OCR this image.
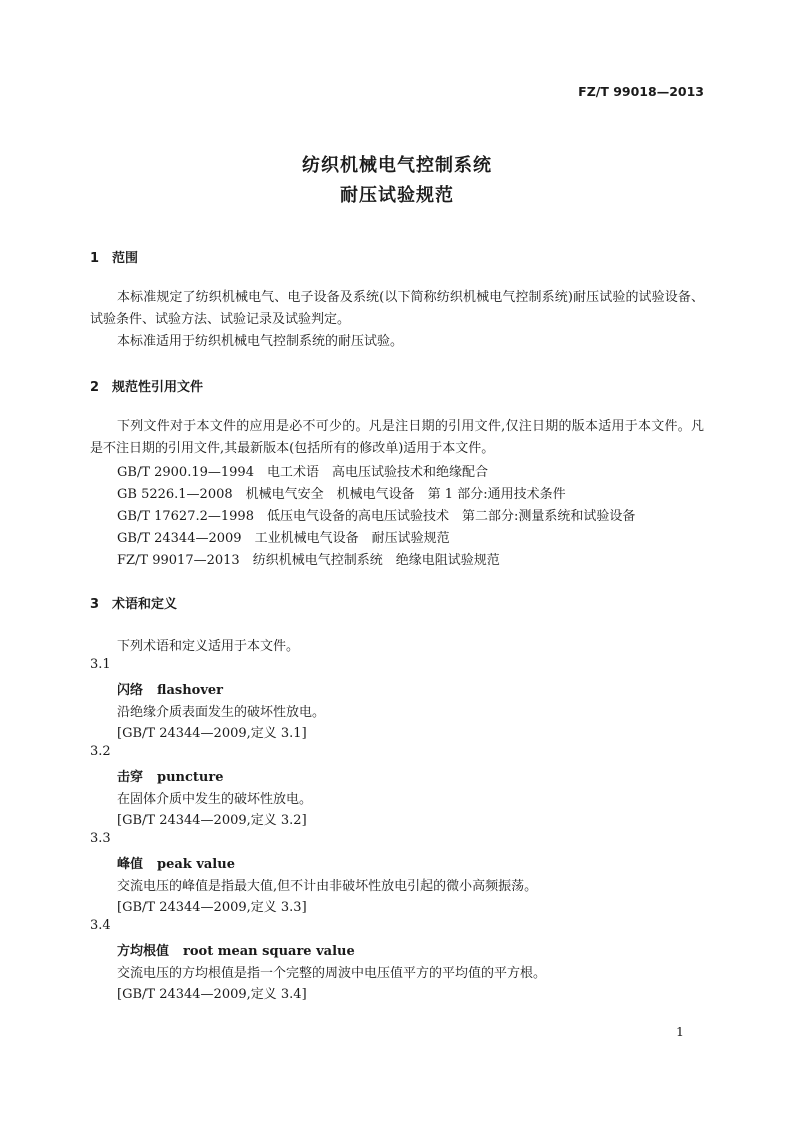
FZ/T 99018—2013
纺织机械电气控制系统
耐压试验规范
1 范围
本标准规定了纺织机械电气、电子设备及系统(以下简称纺织机械电气控制系统)耐压试验的试验设备、试验条件、试验方法、试验记录及试验判定。
本标准适用于纺织机械电气控制系统的耐压试验。
2 规范性引用文件
下列文件对于本文件的应用是必不可少的。凡是注日期的引用文件,仅注日期的版本适用于本文件。凡是不注日期的引用文件,其最新版本(包括所有的修改单)适用于本文件。
GB/T 2900.19—1994　 电工术语　高电压试验技术和绝缘配合
GB 5226.1—2008　 机械电气安全　机械电气设备　第 1 部分:通用技术条件
GB/T 17627.2—1998　 低压电气设备的高电压试验技术　第二部分:测量系统和试验设备
GB/T 24344—2009　 工业机械电气设备　耐压试验规范
FZ/T 99017—2013　 纺织机械电气控制系统　绝缘电阻试验规范
3 术语和定义
下列术语和定义适用于本文件。
3.1
闪络 flashover
沿绝缘介质表面发生的破坏性放电。
[GB/T 24344—2009,定义 3.1]
3.2
击穿 puncture
在固体介质中发生的破坏性放电。
[GB/T 24344—2009,定义 3.2]
3.3
峰值 peak value
交流电压的峰值是指最大值,但不计由非破坏性放电引起的微小高频振荡。
[GB/T 24344—2009,定义 3.3]
3.4
方均根值 root mean square value
交流电压的方均根值是指一个完整的周波中电压值平方的平均值的平方根。
[GB/T 24344—2009,定义 3.4]
1
